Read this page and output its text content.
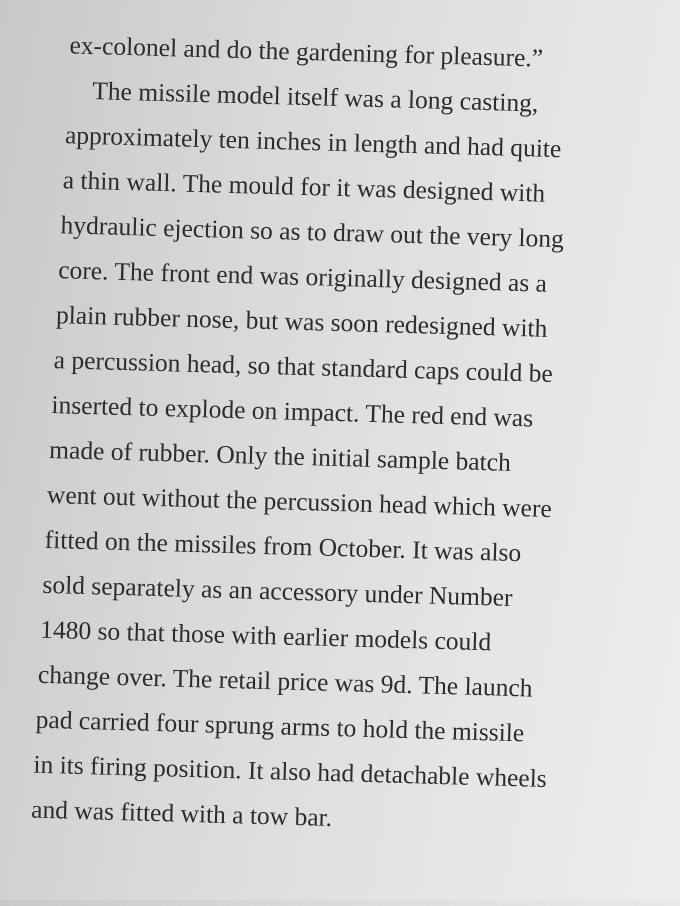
ex-colonel and do the gardening for pleasure.”
The missile model itself was a long casting,
approximately ten inches in length and had quite
a thin wall. The mould for it was designed with
hydraulic ejection so as to draw out the very long
core. The front end was originally designed as a
plain rubber nose, but was soon redesigned with
a percussion head, so that standard caps could be
inserted to explode on impact. The red end was
made of rubber. Only the initial sample batch
went out without the percussion head which were
fitted on the missiles from October. It was also
sold separately as an accessory under Number
1480 so that those with earlier models could
change over. The retail price was 9d. The launch
pad carried four sprung arms to hold the missile
in its firing position. It also had detachable wheels
and was fitted with a tow bar.
